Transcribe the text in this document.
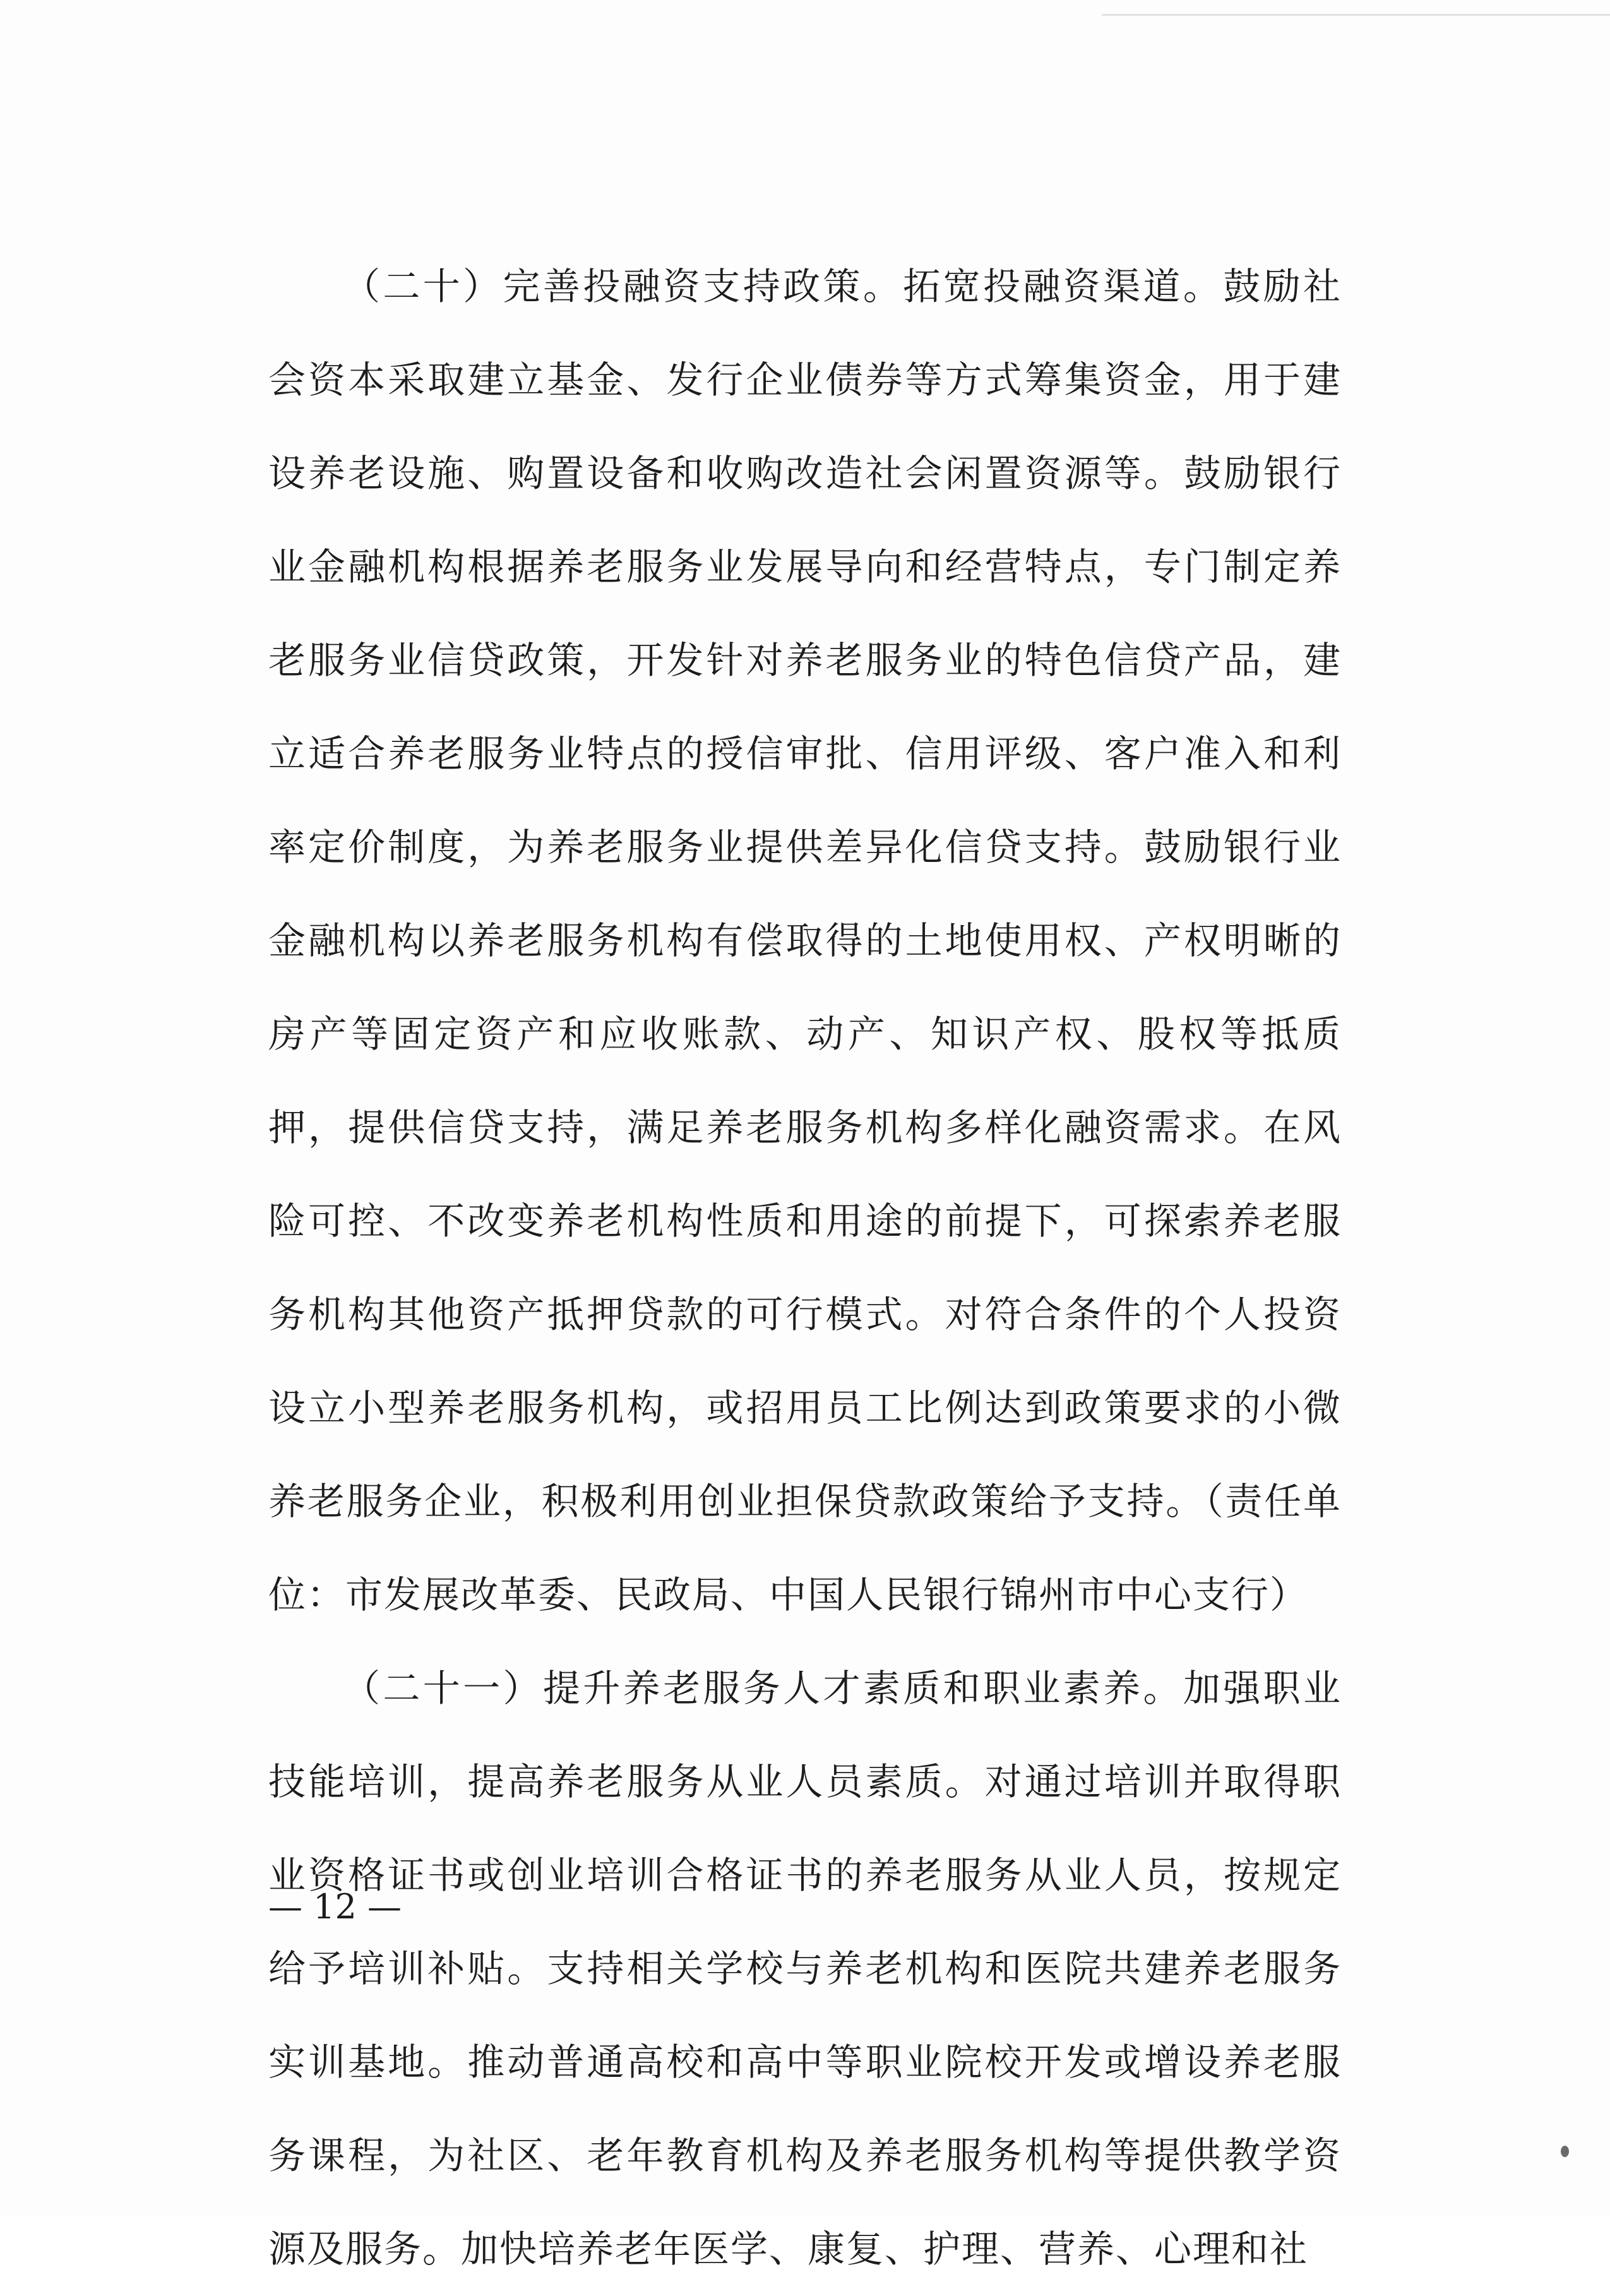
（二十）完善投融资支持政策。拓宽投融资渠道。鼓励社会资本采取建立基金、发行企业债券等方式筹集资金，用于建设养老设施、购置设备和收购改造社会闲置资源等。鼓励银行业金融机构根据养老服务业发展导向和经营特点，专门制定养老服务业信贷政策，开发针对养老服务业的特色信贷产品，建立适合养老服务业特点的授信审批、信用评级、客户准入和利率定价制度，为养老服务业提供差异化信贷支持。鼓励银行业金融机构以养老服务机构有偿取得的土地使用权、产权明晰的房产等固定资产和应收账款、动产、知识产权、股权等抵质押，提供信贷支持，满足养老服务机构多样化融资需求。在风险可控、不改变养老机构性质和用途的前提下，可探索养老服务机构其他资产抵押贷款的可行模式。对符合条件的个人投资设立小型养老服务机构，或招用员工比例达到政策要求的小微养老服务企业，积极利用创业担保贷款政策给予支持。（责任单位：市发展改革委、民政局、中国人民银行锦州市中心支行）

（二十一）提升养老服务人才素质和职业素养。加强职业技能培训，提高养老服务从业人员素质。对通过培训并取得职业资格证书或创业培训合格证书的养老服务从业人员，按规定给予培训补贴。支持相关学校与养老机构和医院共建养老服务实训基地。推动普通高校和高中等职业院校开发或增设养老服务课程，为社区、老年教育机构及养老服务机构等提供教学资源及服务。加快培养老年医学、康复、护理、营养、心理和社

— 12 —
